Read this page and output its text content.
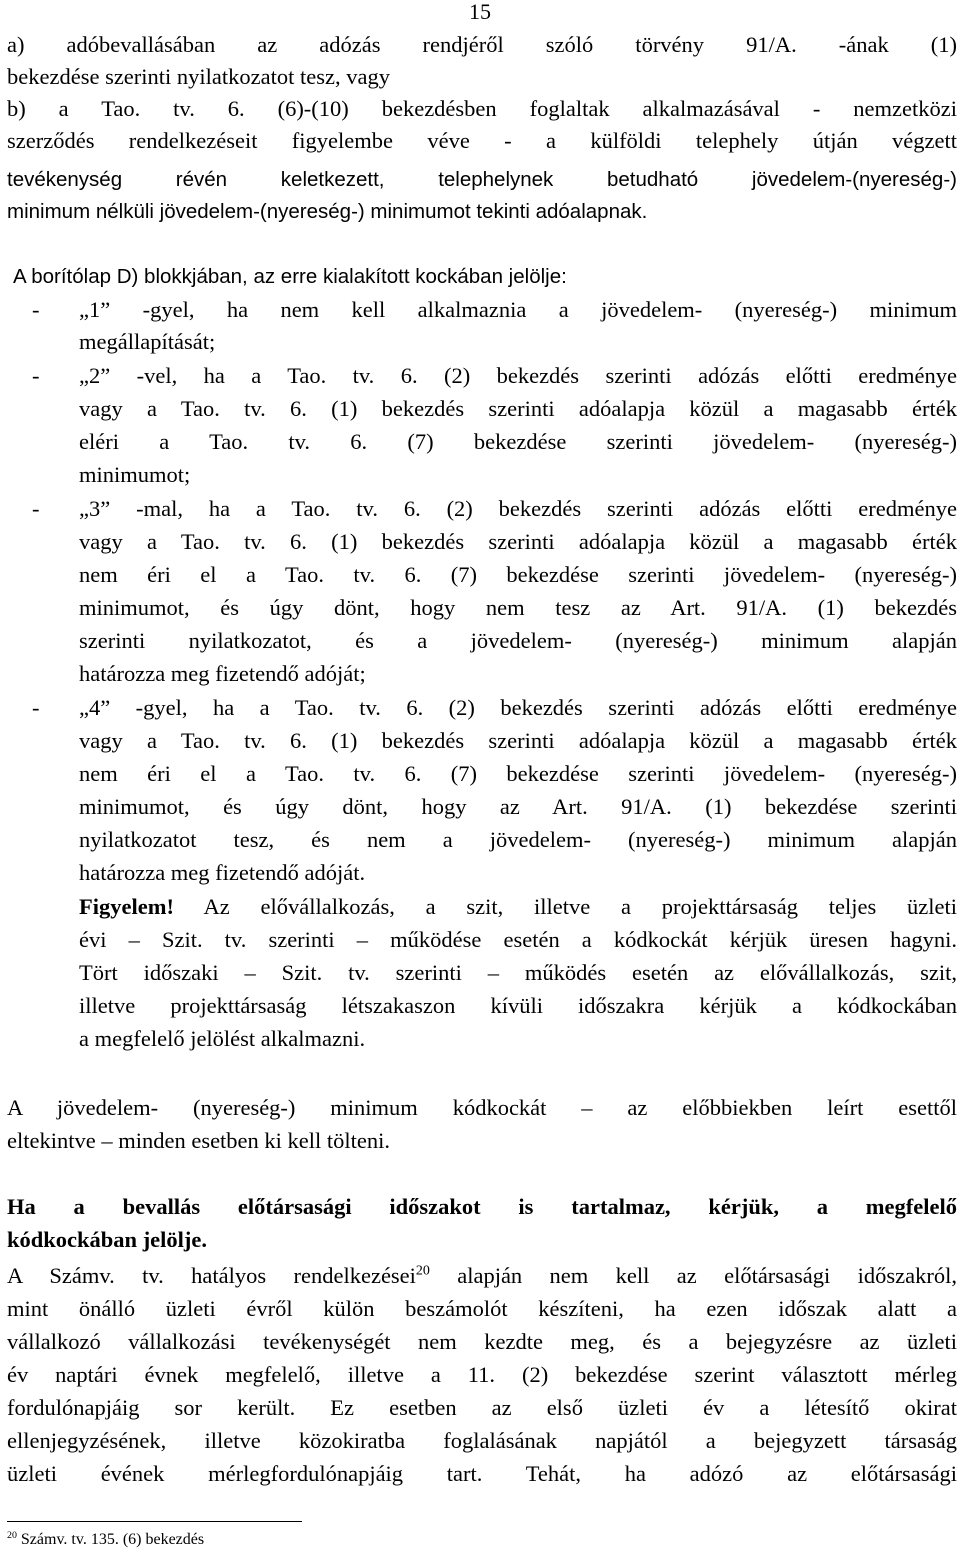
15
a) adóbevallásában az adózás rendjéről szóló törvény 91/A. -ának (1)
bekezdése szerinti nyilatkozatot tesz, vagy
b) a Tao. tv. 6. (6)-(10) bekezdésben foglaltak alkalmazásával - nemzetközi
szerződés rendelkezéseit figyelembe véve - a külföldi telephely útján végzett
tevékenység révén keletkezett, telephelynek betudható jövedelem-(nyereség-)
minimum nélküli jövedelem-(nyereség-) minimumot tekinti adóalapnak.
A borítólap D) blokkjában, az erre kialakított kockában jelölje:
- „1” -gyel, ha nem kell alkalmaznia a jövedelem- (nyereség-) minimum
megállapítását;
- „2” -vel, ha a Tao. tv. 6. (2) bekezdés szerinti adózás előtti eredménye
vagy a Tao. tv. 6. (1) bekezdés szerinti adóalapja közül a magasabb érték
eléri a Tao. tv. 6. (7) bekezdése szerinti jövedelem- (nyereség-)
minimumot;
- „3” -mal, ha a Tao. tv. 6. (2) bekezdés szerinti adózás előtti eredménye
vagy a Tao. tv. 6. (1) bekezdés szerinti adóalapja közül a magasabb érték
nem éri el a Tao. tv. 6. (7) bekezdése szerinti jövedelem- (nyereség-)
minimumot, és úgy dönt, hogy nem tesz az Art. 91/A. (1) bekezdés
szerinti nyilatkozatot, és a jövedelem- (nyereség-) minimum alapján
határozza meg fizetendő adóját;
- „4” -gyel, ha a Tao. tv. 6. (2) bekezdés szerinti adózás előtti eredménye
vagy a Tao. tv. 6. (1) bekezdés szerinti adóalapja közül a magasabb érték
nem éri el a Tao. tv. 6. (7) bekezdése szerinti jövedelem- (nyereség-)
minimumot, és úgy dönt, hogy az Art. 91/A. (1) bekezdése szerinti
nyilatkozatot tesz, és nem a jövedelem- (nyereség-) minimum alapján
határozza meg fizetendő adóját.
Figyelem! Az elővállalkozás, a szit, illetve a projekttársaság teljes üzleti
évi – Szit. tv. szerinti – működése esetén a kódkockát kérjük üresen hagyni.
Tört időszaki – Szit. tv. szerinti – működés esetén az elővállalkozás, szit,
illetve projekttársaság létszakaszon kívüli időszakra kérjük a kódkockában
a megfelelő jelölést alkalmazni.
A jövedelem- (nyereség-) minimum kódkockát – az előbbiekben leírt esettől
eltekintve – minden esetben ki kell tölteni.
Ha a bevallás előtársasági időszakot is tartalmaz, kérjük, a megfelelő
kódkockában jelölje.
A Számv. tv. hatályos rendelkezései$^{20}$ alapján nem kell az előtársasági időszakról,
mint önálló üzleti évről külön beszámolót készíteni, ha ezen időszak alatt a
vállalkozó vállalkozási tevékenységét nem kezdte meg, és a bejegyzésre az üzleti
év naptári évnek megfelelő, illetve a 11. (2) bekezdése szerint választott mérleg
fordulónapjáig sor került. Ez esetben az első üzleti év a létesítő okirat
ellenjegyzésének, illetve közokiratba foglalásának napjától a bejegyzett társaság
üzleti évének mérlegfordulónapjáig tart. Tehát, ha adózó az előtársasági
$^{20}$ Számv. tv. 135. (6) bekezdés
